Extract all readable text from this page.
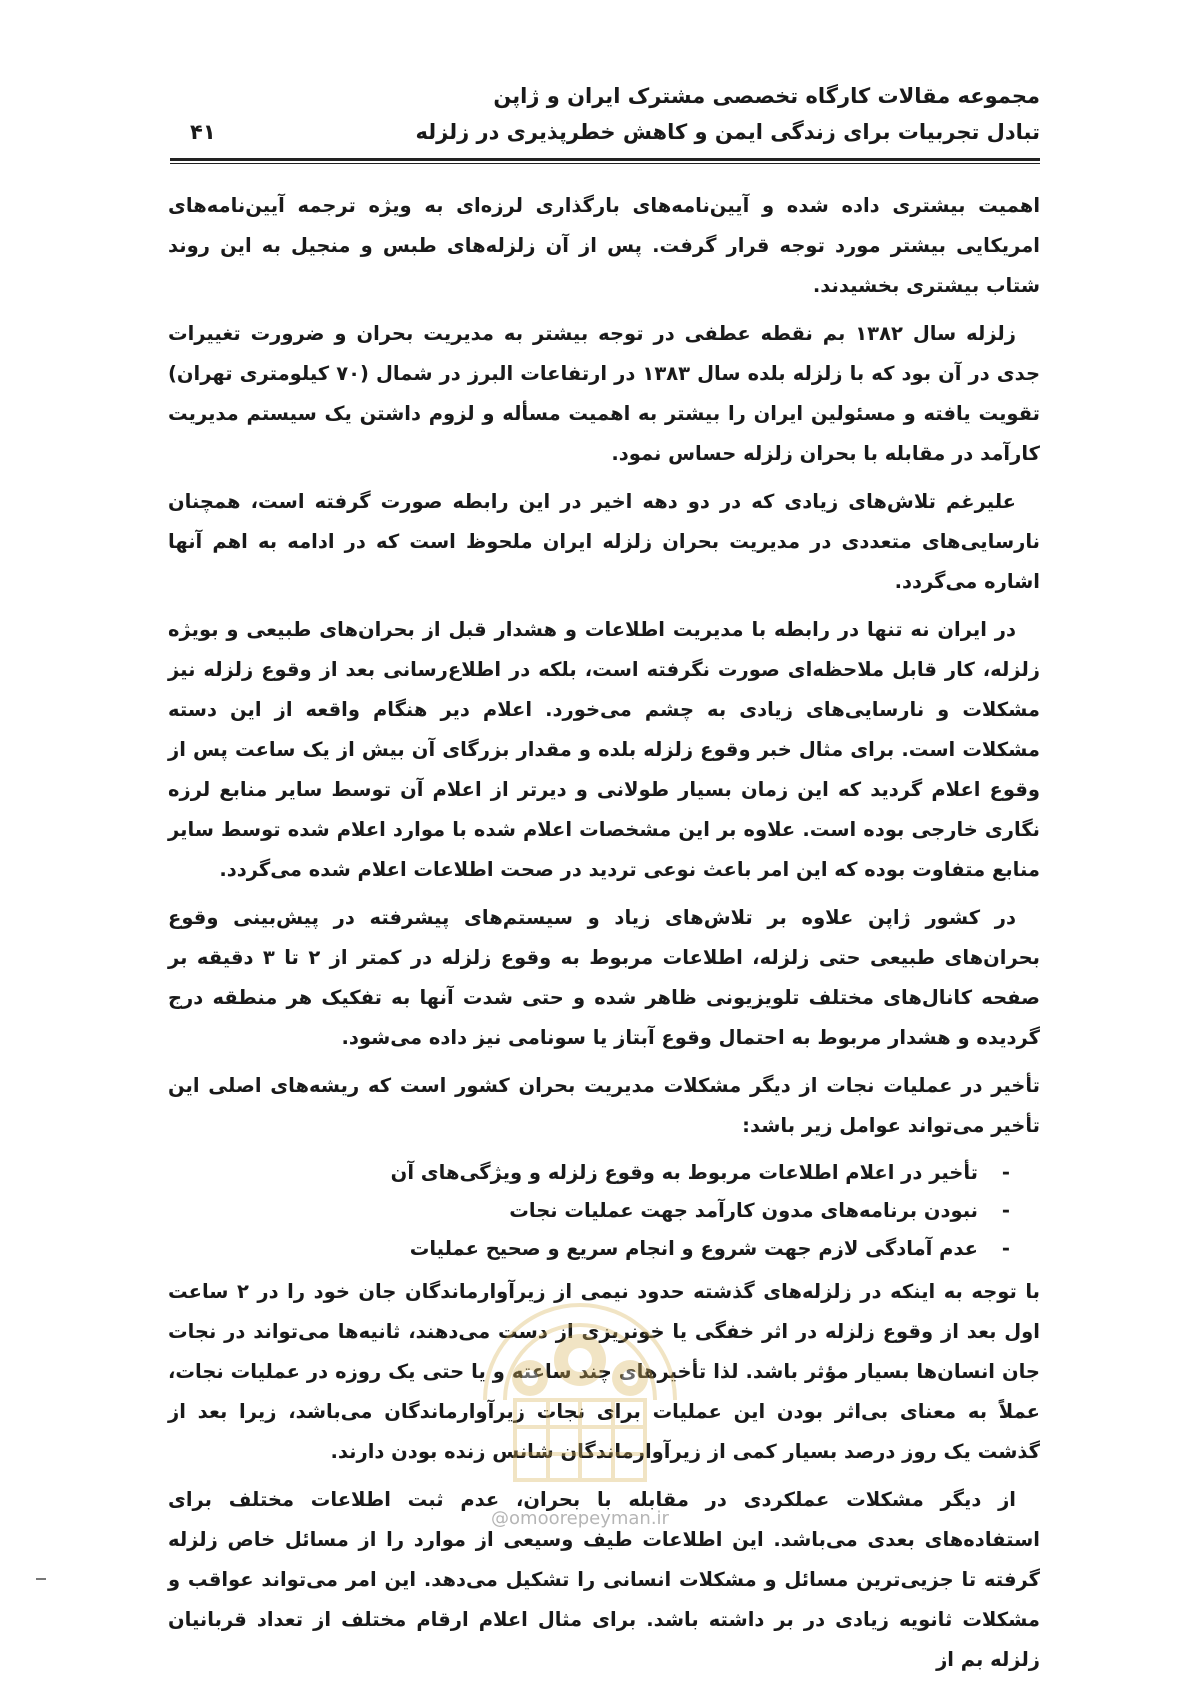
مجموعه مقالات کارگاه تخصصی مشترک ایران و ژاپن
تبادل تجربیات برای زندگی ایمن و کاهش خطرپذیری در زلزله
۴۱

اهمیت بیشتری داده شده و آیین‌نامه‌های بارگذاری لرزه‌ای به ویژه ترجمه آیین‌نامه‌های امریکایی بیشتر مورد توجه قرار گرفت. پس از آن زلزله‌های طبس و منجیل به این روند شتاب بیشتری بخشیدند.

زلزله سال ۱۳۸۲ بم نقطه عطفی در توجه بیشتر به مدیریت بحران و ضرورت تغییرات جدی در آن بود که با زلزله بلده سال ۱۳۸۳ در ارتفاعات البرز در شمال (۷۰ کیلومتری تهران) تقویت یافته و مسئولین ایران را بیشتر به اهمیت مسأله و لزوم داشتن یک سیستم مدیریت کارآمد در مقابله با بحران زلزله حساس نمود.

علیرغم تلاش‌های زیادی که در دو دهه اخیر در این رابطه صورت گرفته است، همچنان نارسایی‌های متعددی در مدیریت بحران زلزله ایران ملحوظ است که در ادامه به اهم آنها اشاره می‌گردد.

در ایران نه تنها در رابطه با مدیریت اطلاعات و هشدار قبل از بحران‌های طبیعی و بویژه زلزله، کار قابل ملاحظه‌ای صورت نگرفته است، بلکه در اطلاع‌رسانی بعد از وقوع زلزله نیز مشکلات و نارسایی‌های زیادی به چشم می‌خورد. اعلام دیر هنگام واقعه از این دسته مشکلات است. برای مثال خبر وقوع زلزله بلده و مقدار بزرگای آن بیش از یک ساعت پس از وقوع اعلام گردید که این زمان بسیار طولانی و دیرتر از اعلام آن توسط سایر منابع لرزه نگاری خارجی بوده است. علاوه بر این مشخصات اعلام شده با موارد اعلام شده توسط سایر منابع متفاوت بوده که این امر باعث نوعی تردید در صحت اطلاعات اعلام شده می‌گردد.

در کشور ژاپن علاوه بر تلاش‌های زیاد و سیستم‌های پیشرفته در پیش‌بینی وقوع بحران‌های طبیعی حتی زلزله، اطلاعات مربوط به وقوع زلزله در کمتر از ۲ تا ۳ دقیقه بر صفحه کانال‌های مختلف تلویزیونی ظاهر شده و حتی شدت آنها به تفکیک هر منطقه درج گردیده و هشدار مربوط به احتمال وقوع آبتاز یا سونامی نیز داده می‌شود.

تأخیر در عملیات نجات از دیگر مشکلات مدیریت بحران کشور است که ریشه‌های اصلی این تأخیر می‌تواند عوامل زیر باشد:

-
تأخیر در اعلام اطلاعات مربوط به وقوع زلزله و ویژگی‌های آن
-
نبودن برنامه‌های مدون کارآمد جهت عملیات نجات
-
عدم آمادگی لازم جهت شروع و انجام سریع و صحیح عملیات

با توجه به اینکه در زلزله‌های گذشته حدود نیمی از زیرآوارماندگان جان خود را در ۲ ساعت اول بعد از وقوع زلزله در اثر خفگی یا خونریزی از دست می‌دهند، ثانیه‌ها می‌تواند در نجات جان انسان‌ها بسیار مؤثر باشد. لذا تأخیرهای چند ساعته و یا حتی یک روزه در عملیات نجات، عملاً به معنای بی‌اثر بودن این عملیات برای نجات زیرآوارماندگان می‌باشد، زیرا بعد از گذشت یک روز درصد بسیار کمی از زیرآوارماندگان شانس زنده بودن دارند.

از دیگر مشکلات عملکردی در مقابله با بحران، عدم ثبت اطلاعات مختلف برای استفاده‌های بعدی می‌باشد. این اطلاعات طیف وسیعی از موارد را از مسائل خاص زلزله گرفته تا جزیی‌ترین مسائل و مشکلات انسانی را تشکیل می‌دهد. این امر می‌تواند عواقب و مشکلات ثانویه زیادی در بر داشته باشد. برای مثال اعلام ارقام مختلف از تعداد قربانیان زلزله بم از

@omoorepeyman.ir
